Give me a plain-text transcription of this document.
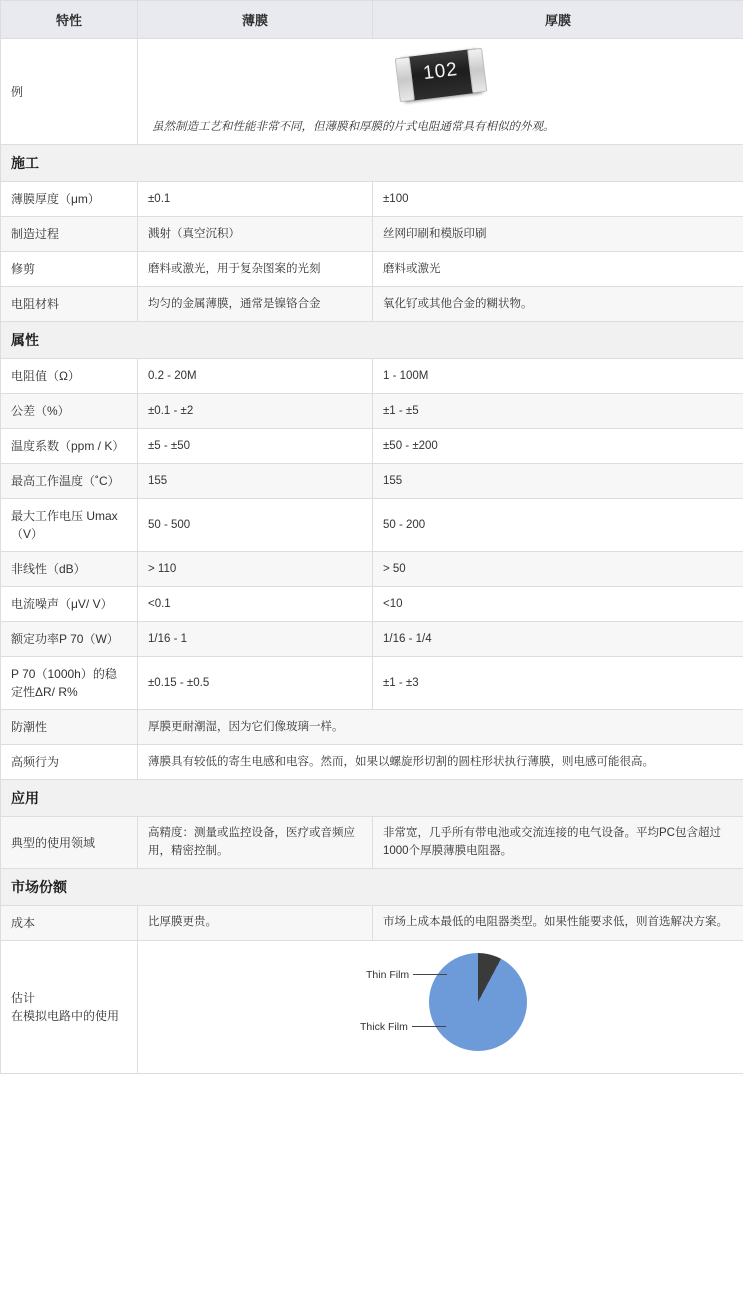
特性	薄膜	厚膜
例	102
虽然制造工艺和性能非常不同，但薄膜和厚膜的片式电阻通常具有相似的外观。	

施工		
薄膜厚度（μm）	±0.1	±100
制造过程	溅射（真空沉积）	丝网印刷和模版印刷
修剪	磨料或激光，用于复杂图案的光刻	磨料或激光
电阻材料	均匀的金属薄膜，通常是镍铬合金	氧化钌或其他合金的糊状物。
属性		
电阻值（Ω）	0.2 - 20M	1 - 100M
公差（%）	±0.1 - ±2	±1 - ±5
温度系数（ppm / K）	±5 - ±50	±50 - ±200
最高工作温度（˚C）	155	155
最大工作电压 Umax（V）	50 - 500	50 - 200
非线性（dB）	> 110	> 50
电流噪声（μV/ V）	<0.1	<10
额定功率P 70（W）	1/16 - 1	1/16 - 1/4
P 70（1000h）的稳定性ΔR/ R%	±0.15 - ±0.5	±1 - ±3
防潮性	厚膜更耐潮湿，因为它们像玻璃一样。	
高频行为	薄膜具有较低的寄生电感和电容。然而，如果以螺旋形切割的圆柱形状执行薄膜，则电感可能很高。	
应用		
典型的使用领域	高精度：测量或监控设备，医疗或音频应用，精密控制。	非常宽，几乎所有带电池或交流连接的电气设备。平均PC包含超过1000个厚膜薄膜电阻器。
市场份额		
成本	比厚膜更贵。	市场上成本最低的电阻器类型。如果性能要求低，则首选解决方案。

估计
在模拟电路中的使用

Thin Film
Thick Film
